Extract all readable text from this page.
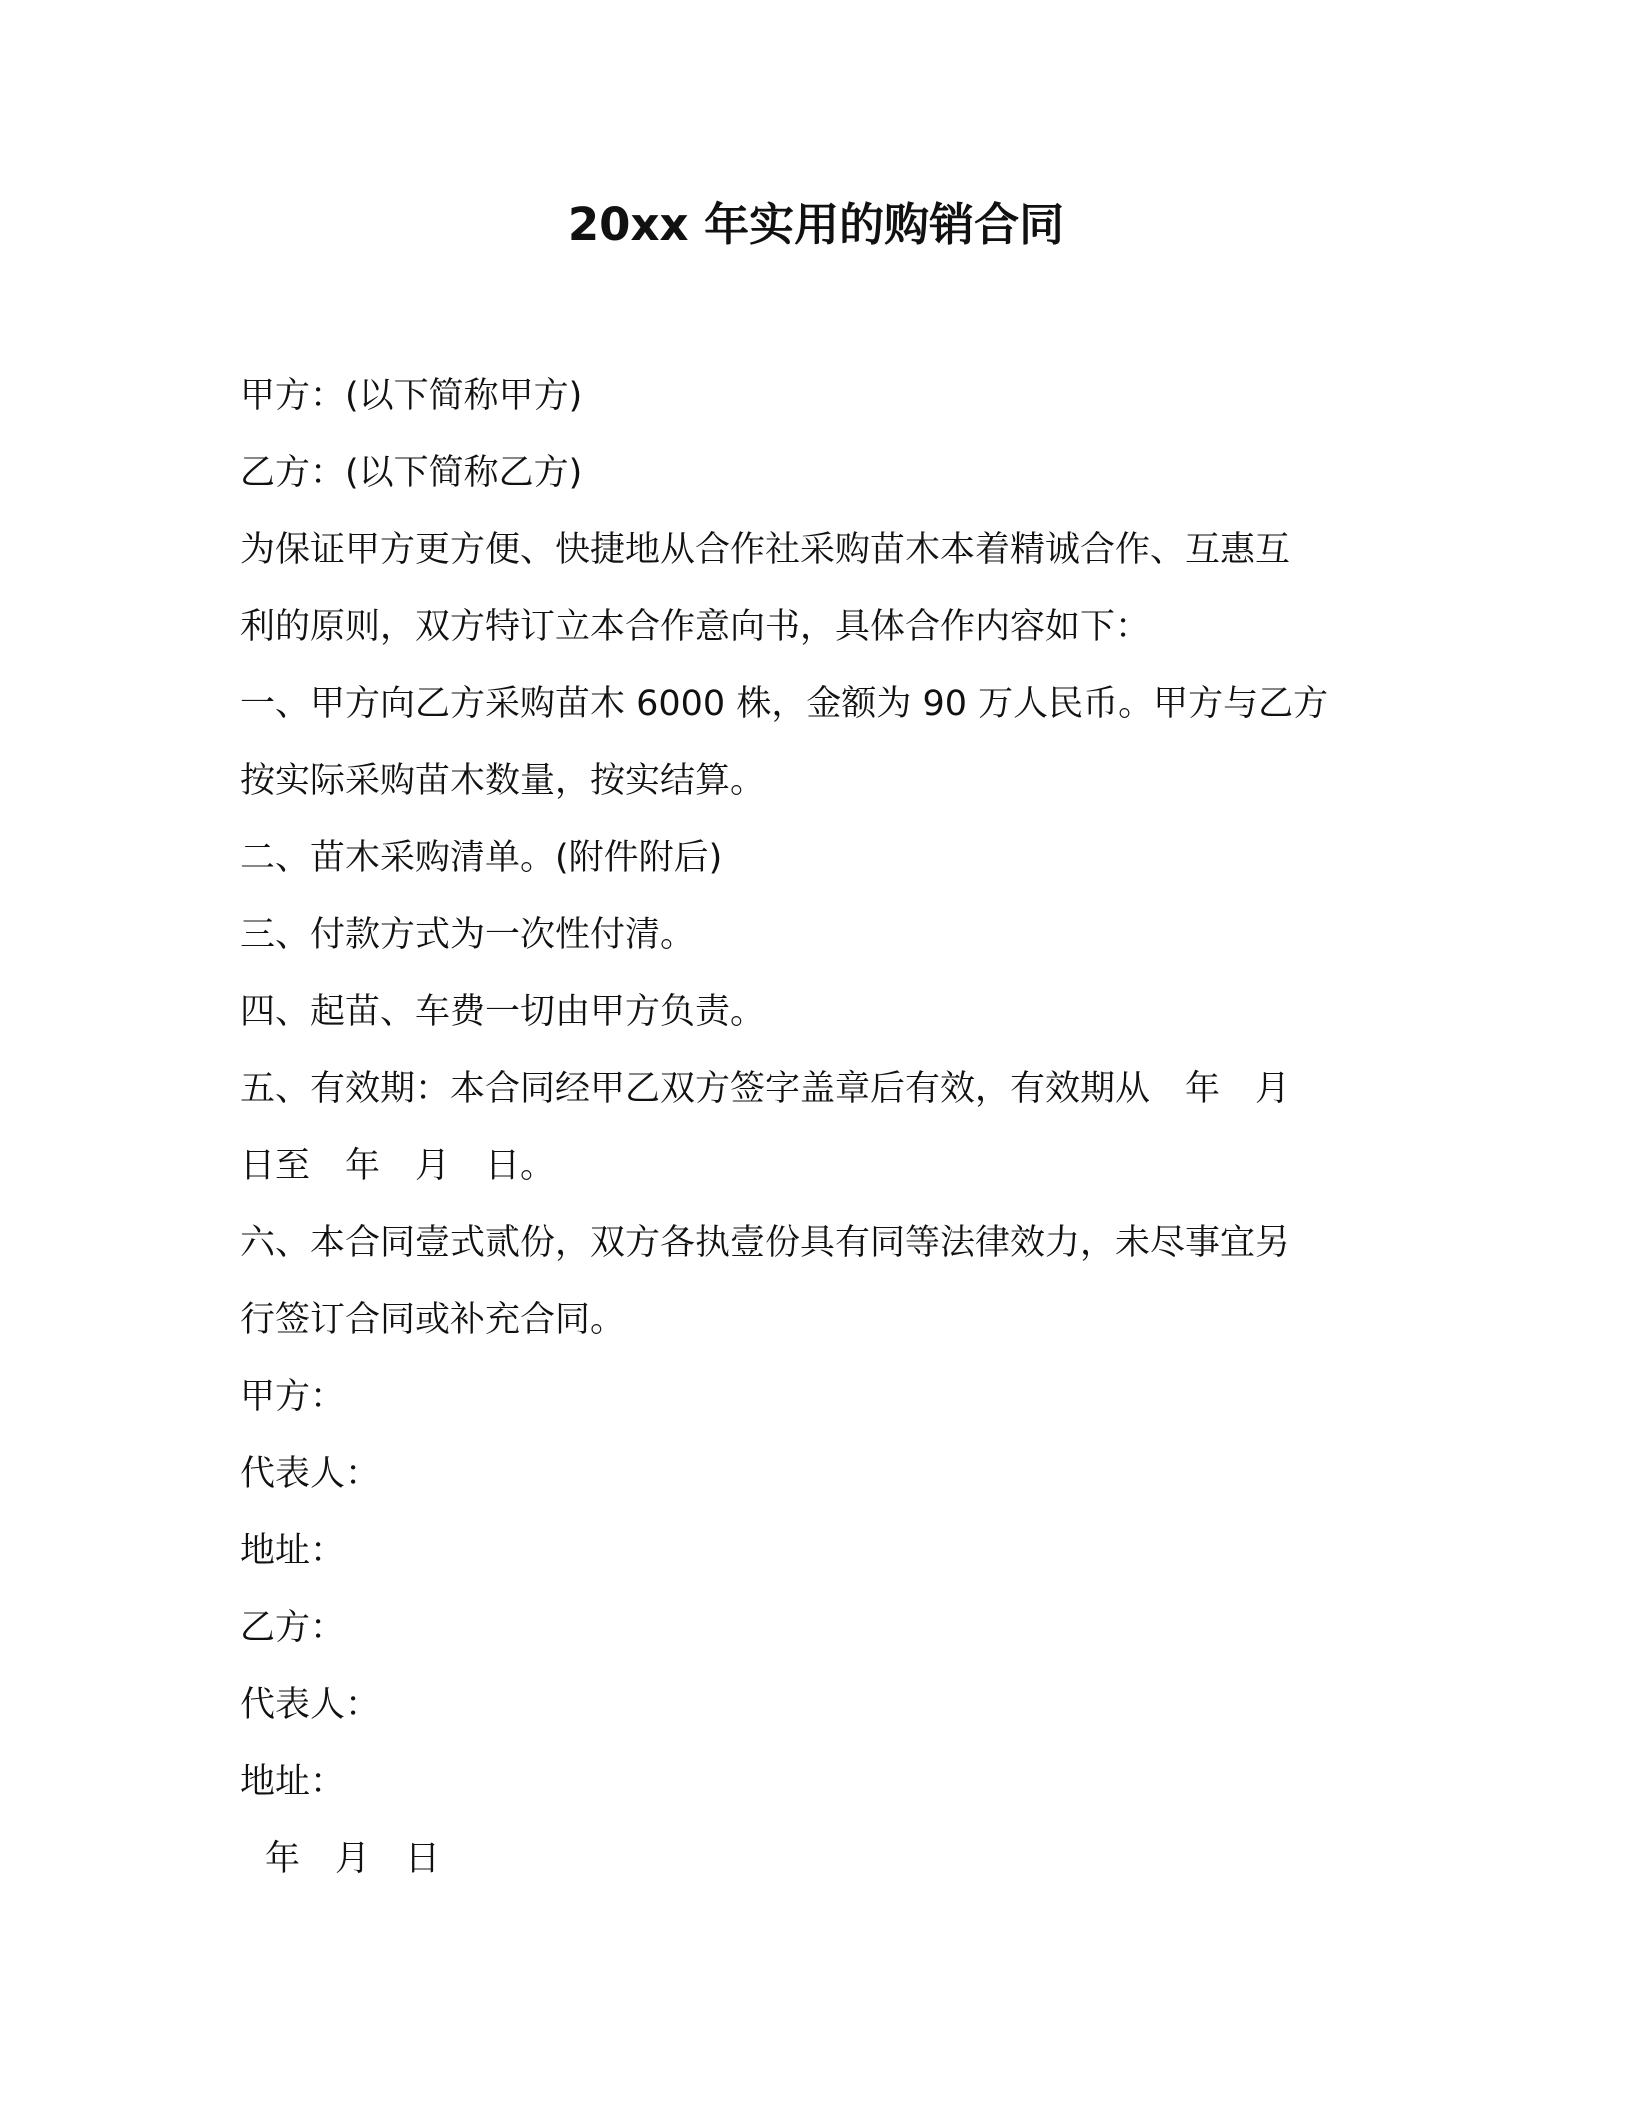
20xx 年实用的购销合同
甲方：(以下简称甲方)
乙方：(以下简称乙方)
为保证甲方更方便、快捷地从合作社采购苗木本着精诚合作、互惠互
利的原则，双方特订立本合作意向书，具体合作内容如下：
一、甲方向乙方采购苗木 6000 株，金额为 90 万人民币。甲方与乙方
按实际采购苗木数量，按实结算。
二、苗木采购清单。(附件附后)
三、付款方式为一次性付清。
四、起苗、车费一切由甲方负责。
五、有效期：本合同经甲乙双方签字盖章后有效，有效期从　年　月
日至　年　月　日。
六、本合同壹式贰份，双方各执壹份具有同等法律效力，未尽事宜另
行签订合同或补充合同。
甲方：
代表人：
地址：
乙方：
代表人：
地址：
年　月　日
